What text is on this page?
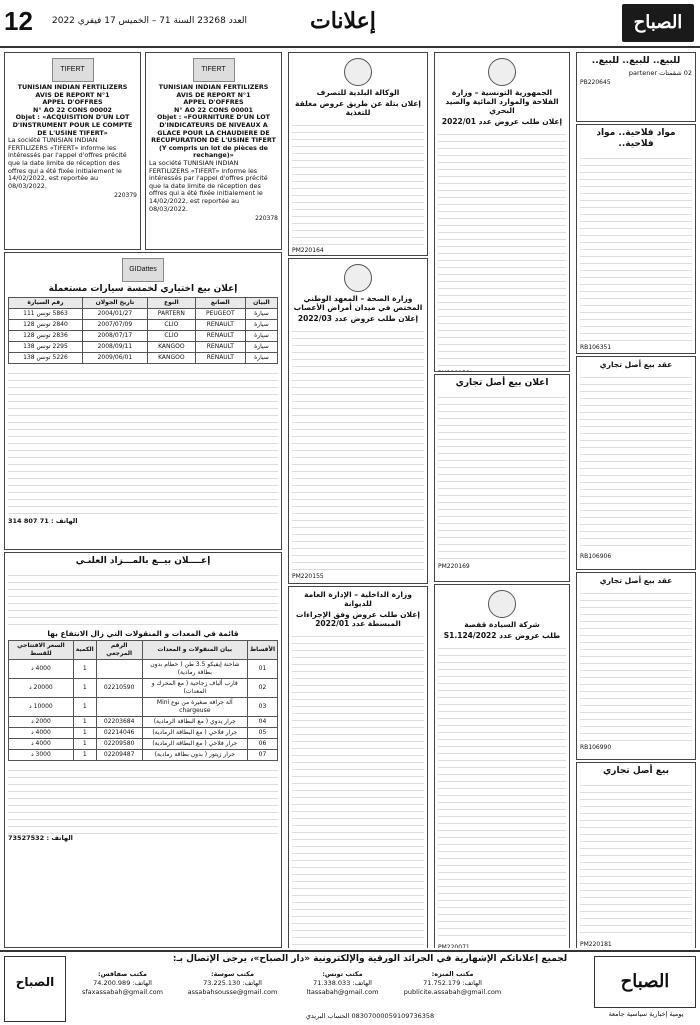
12 العدد 23268 السنة 71 – الخميس 17 فيفري 2022	إعلانات	الصباح
للبيع.. للبيع.. للبيع..
02 شقمتات partener
PB220645
مواد فلاحية.. مواد فلاحية..
RB106351
عقد بيع أصل تجاري
RB106906
عقد بيع أصل تجاري
RB106990
بيع أصل تجاري
PM220181
الجمهورية التونسية – وزارة الفلاحة والموارد المائية والصيد البحري
إعلان طلب عروض عدد 2022/01
اعلان بيع أصل تجاري
PM220169
شركة السيادة قفصة
طلب عروض عدد 2022/S1.124
PM220071
الوكالة البلدية للتصرف
إعلان بتلة عن طريق عروض مغلقة للتغذية
PM220164
وزارة الصحة – المعهد الوطني المختص في ميدان أمراض الأعصاب
إعلان طلب عروض عدد 2022/03
PM220155
وزارة الداخلية – الإدارة العامة للديوانة
إعلان طلب عروض وفق الإجراءات المبسطة عدد 2022/01
TIFERT
TUNISIAN INDIAN FERTILIZERS
AVIS DE REPORT N°1
APPEL D'OFFRES
N° AO 22 CONS 00002
Objet : «ACQUISITION D'UN LOT D'INSTRUMENT POUR LE COMPTE DE L'USINE TIFERT»
La société TUNISIAN INDIAN FERTILIZERS «TIFERT» informe les intéressés par l'appel d'offres précité que la date limite de réception des offres qui a été fixée initialement le 14/02/2022, est reportée au 08/03/2022.
220379
TIFERT
TUNISIAN INDIAN FERTILIZERS
AVIS DE REPORT N°1
APPEL D'OFFRES
N° AO 22 CONS 00001
Objet : «FOURNITURE D'UN LOT D'INDICATEURS DE NIVEAUX A GLACE POUR LA CHAUDIERE DE RECUPURATION DE L'USINE TIFERT (Y compris un lot de pièces de rechange)»
La société TUNISIAN INDIAN FERTILIZERS «TIFERT» informe les intéressés par l'appel d'offres précité que la date limite de réception des offres qui a été fixée initialement le 14/02/2022, est reportée au 08/03/2022.
220378
GIDattes
إعلان بيع اختياري لخمسة سيارات مستعملة
البيان	الصانع	النوع	تاريخ الجولان	رقم السيارة
سيارة	PEUGEOT	PARTERN	2004/01/27	5863 تونس 111
سيارة	RENAULT	CLIO	2007/07/09	2840 تونس 128
سيارة	RENAULT	CLIO	2008/07/17	2836 تونس 128
سيارة	RENAULT	KANGOO	2008/09/11	2295 تونس 138
سيارة	RENAULT	KANGOO	2009/06/01	5226 تونس 138
الهاتف : 71 807 314
إعــــلان بيــع بالمـــزاد العلنـي
قائمة في المعدات و المنقولات التي زال الانتفاع بها
الأقساط	بيان المنقولات و المعدات	الرقم المرجعي	الكمية	السعر الافتتاحي للقسط
01	شاحنة إيفيكو 3.5 طن ( حطام بدون بطاقة رمادية)		1	4000 د
02	قارب ألياف زجاجية ( مع المحرك و المعدات)	02210590	1	20000 د
03	آلة جرافة صغيرة من نوع Mini chargeuse		1	10000 د
04	جرار يدوي ( مع البطاقة الرمادية)	02203684	1	2000 د
05	جرار فلاحي ( مع البطاقة الرمادية)	02214046	1	4000 د
06	جرار فلاحي ( مع البطاقة الرمادية)	02209580	1	4000 د
07	جرار زيتور ( بدون بطاقة رمادية)	02209487	1	3000 د
الهاتف : 73527532
الصباح
لجميع إعلاناتكم الإشهارية في الجرائد الورقية والإلكترونية «دار الصباح»، يرجى الإتصال بـ:
مكتب صفاقس:
الهاتف: 74.200.989
sfaxassabah@gmail.com
مكتب سوسة:
الهاتف: 73.225.130
assabahsousse@gmail.com
مكتب تونس:
الهاتف: 71.338.033
ltassabah@gmail.com
مكتب المنزه:
الهاتف: 71.752.179
publicite.assabah@gmail.com
08307000059109736358 الحساب البريدي
الصباح
يومية إخبارية سياسية جامعة
